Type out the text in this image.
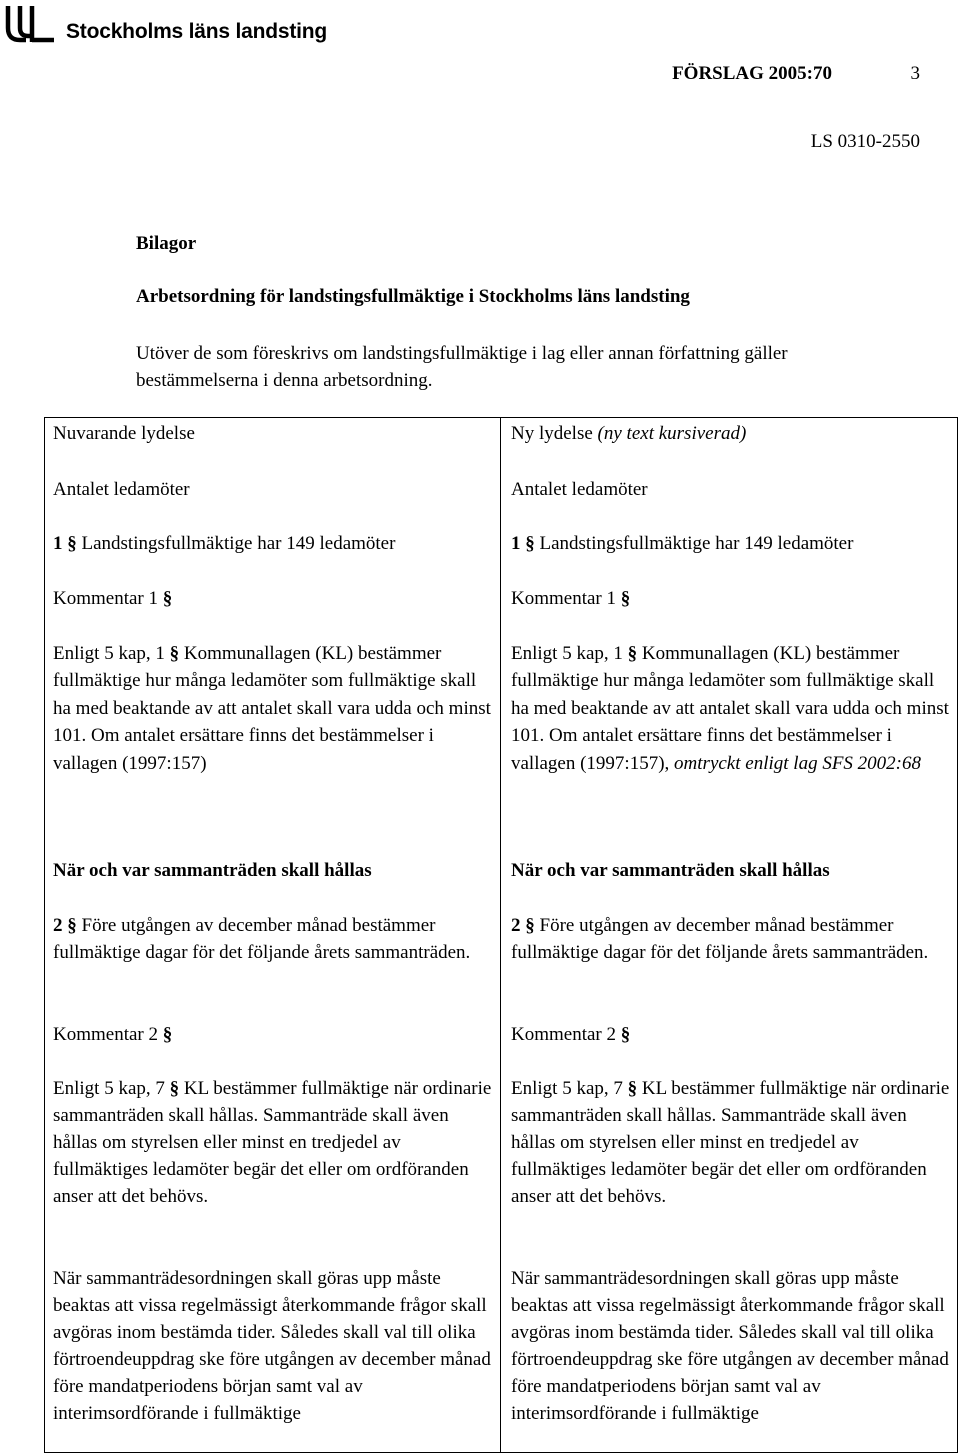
Stockholms läns landsting
FÖRSLAG 2005:70	3
LS 0310-2550
Bilagor
Arbetsordning för landstingsfullmäktige i Stockholms läns landsting
Utöver de som föreskrivs om landstingsfullmäktige i lag eller annan författning gäller bestämmelserna i denna arbetsordning.
Nuvarande lydelse
Antalet ledamöter
1 § Landstingsfullmäktige har 149 ledamöter
Kommentar 1 §
Enligt 5 kap, 1 § Kommunallagen (KL) bestämmer fullmäktige hur många ledamöter som fullmäktige skall ha med beaktande av att antalet skall vara udda och minst 101. Om antalet ersättare finns det bestämmelser i vallagen (1997:157)
När och var sammanträden skall hållas
2 § Före utgången av december månad bestämmer fullmäktige dagar för det följande årets sammanträden.
Kommentar 2 §
Enligt 5 kap, 7 § KL bestämmer fullmäktige när ordinarie sammanträden skall hållas. Sammanträde skall även hållas om styrelsen eller minst en tredjedel av fullmäktiges ledamöter begär det eller om ordföranden anser att det behövs.
När sammanträdesordningen skall göras upp måste beaktas att vissa regelmässigt återkommande frågor skall avgöras inom bestämda tider. Således skall val till olika förtroendeuppdrag ske före utgången av december månad före mandatperiodens början samt val av interimsordförande i fullmäktige
Ny lydelse (ny text kursiverad)
Antalet ledamöter
1 § Landstingsfullmäktige har 149 ledamöter
Kommentar 1 §
Enligt 5 kap, 1 § Kommunallagen (KL) bestämmer fullmäktige hur många ledamöter som fullmäktige skall ha med beaktande av att antalet skall vara udda och minst 101. Om antalet ersättare finns det bestämmelser i vallagen (1997:157), omtryckt enligt lag SFS 2002:68
När och var sammanträden skall hållas
2 § Före utgången av december månad bestämmer fullmäktige dagar för det följande årets sammanträden.
Kommentar 2 §
Enligt 5 kap, 7 § KL bestämmer fullmäktige när ordinarie sammanträden skall hållas. Sammanträde skall även hållas om styrelsen eller minst en tredjedel av fullmäktiges ledamöter begär det eller om ordföranden anser att det behövs.
När sammanträdesordningen skall göras upp måste beaktas att vissa regelmässigt återkommande frågor skall avgöras inom bestämda tider. Således skall val till olika förtroendeuppdrag ske före utgången av december månad före mandatperiodens början samt val av interimsordförande i fullmäktige
